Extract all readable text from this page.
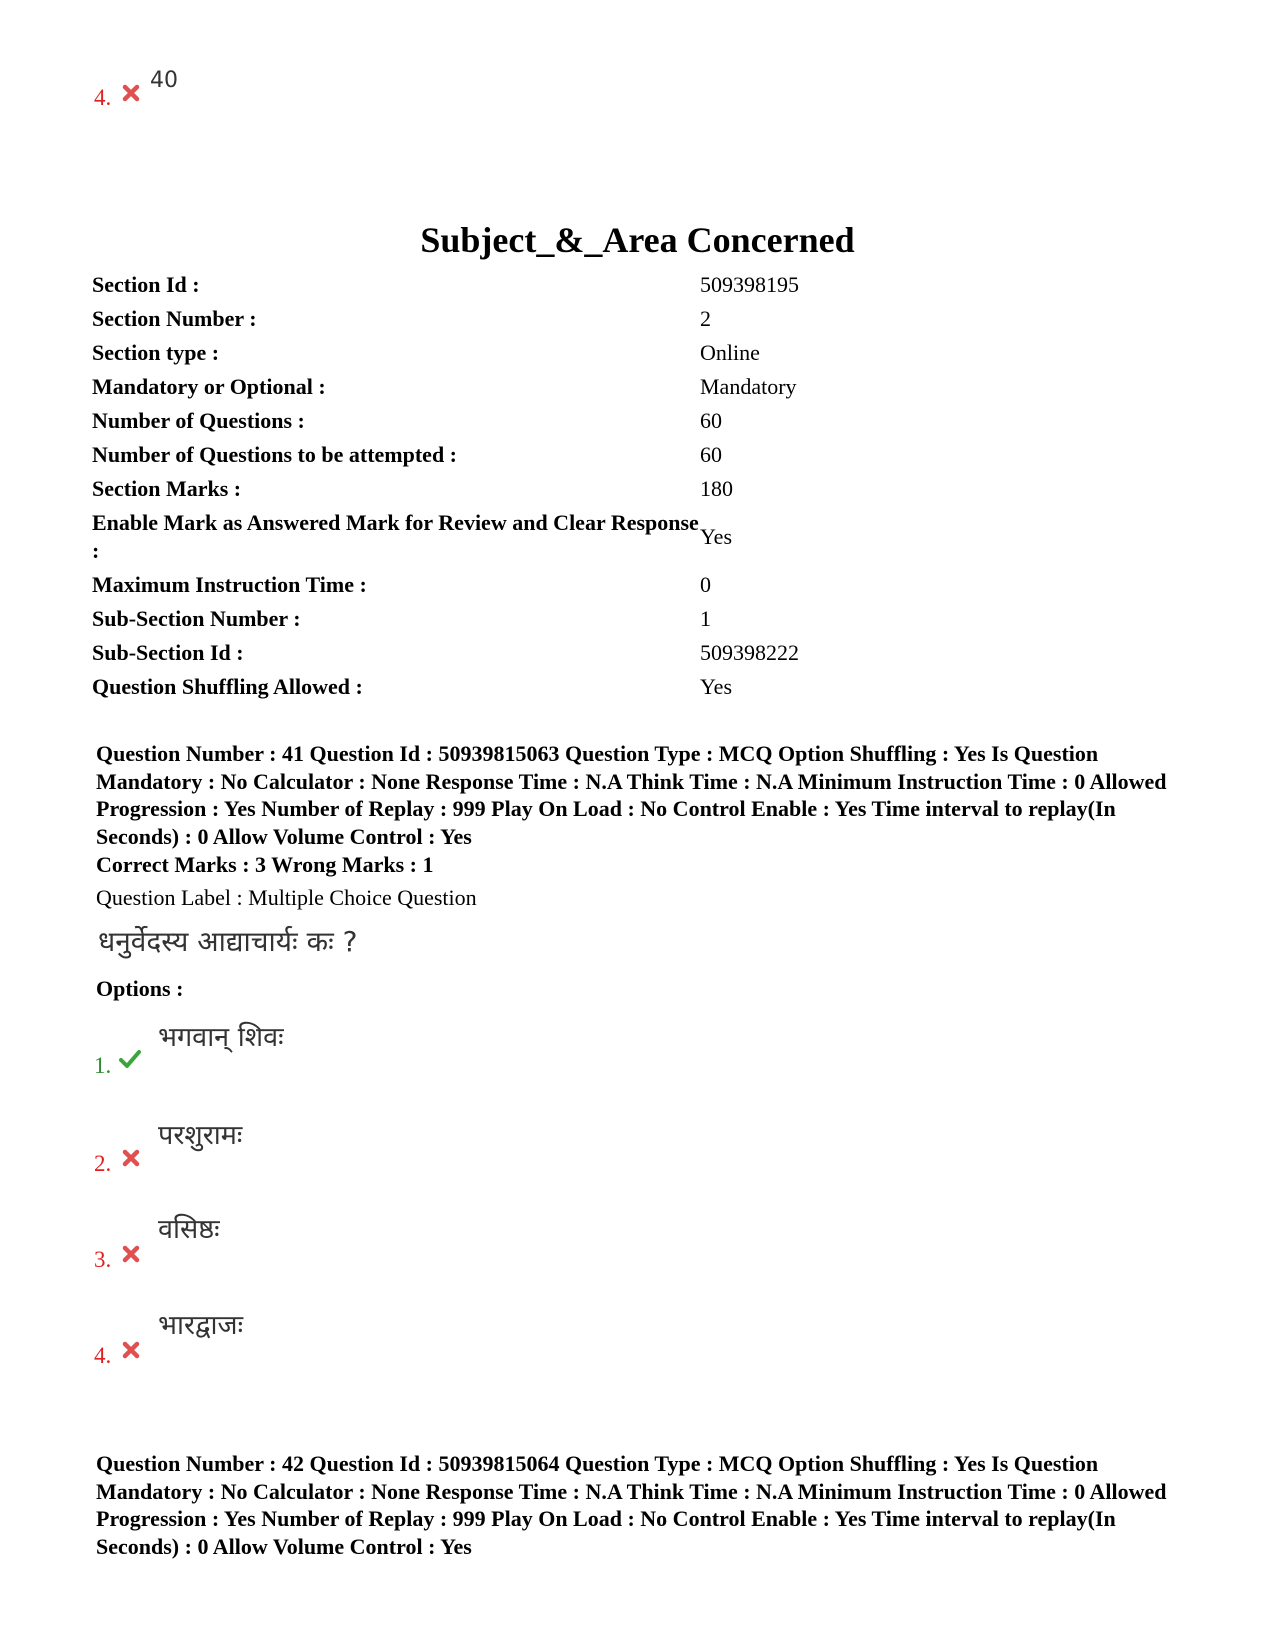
4.
40
Subject_&_Area Concerned
Section Id :	509398195
Section Number :	2
Section type :	Online
Mandatory or Optional :	Mandatory
Number of Questions :	60
Number of Questions to be attempted :	60
Section Marks :	180
Enable Mark as Answered Mark for Review and Clear Response :	Yes
Maximum Instruction Time :	0
Sub-Section Number :	1
Sub-Section Id :	509398222
Question Shuffling Allowed :	Yes
Question Number : 41 Question Id : 50939815063 Question Type : MCQ Option Shuffling : Yes Is Question Mandatory : No Calculator : None Response Time : N.A Think Time : N.A Minimum Instruction Time : 0 Allowed Progression : Yes Number of Replay : 999 Play On Load : No Control Enable : Yes Time interval to replay(In Seconds) : 0 Allow Volume Control : Yes
Correct Marks : 3 Wrong Marks : 1
Question Label : Multiple Choice Question
धनुर्वेदस्य आद्याचार्यः कः ?
Options :
1.
भगवान् शिवः
2.
परशुरामः
3.
वसिष्ठः
4.
भारद्वाजः
Question Number : 42 Question Id : 50939815064 Question Type : MCQ Option Shuffling : Yes Is Question Mandatory : No Calculator : None Response Time : N.A Think Time : N.A Minimum Instruction Time : 0 Allowed Progression : Yes Number of Replay : 999 Play On Load : No Control Enable : Yes Time interval to replay(In Seconds) : 0 Allow Volume Control : Yes
